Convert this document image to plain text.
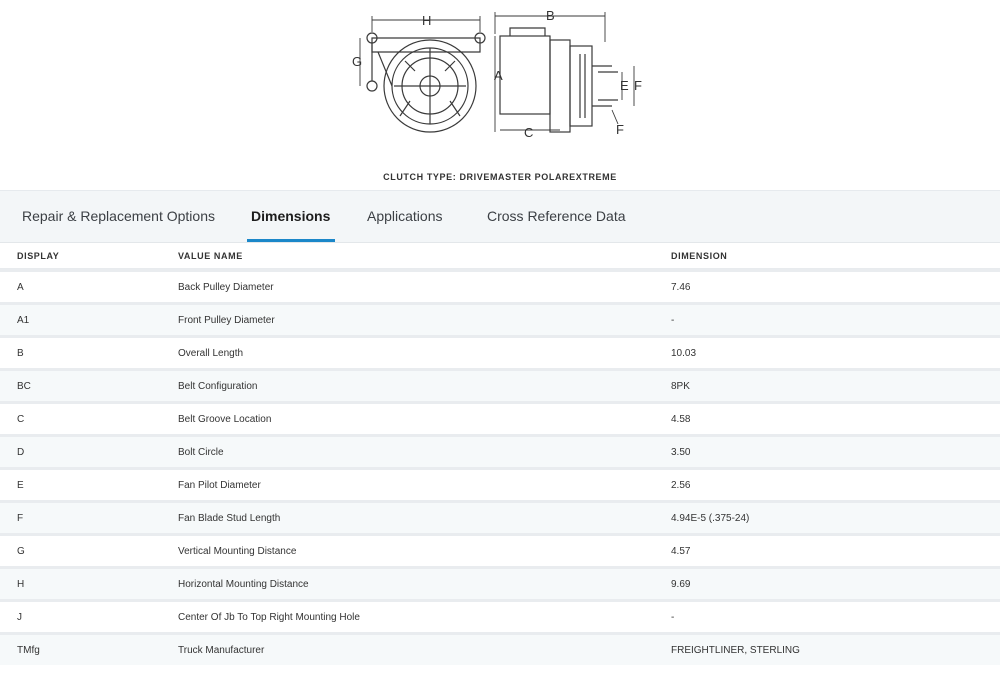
H	B
G
A
E F
C	F
CLUTCH TYPE: DRIVEMASTER POLAREXTREME
Repair & Replacement Options	Dimensions	Applications	Cross Reference Data
DISPLAY	VALUE NAME	DIMENSION
A	Back Pulley Diameter	7.46
A1	Front Pulley Diameter	-
B	Overall Length	10.03
BC	Belt Configuration	8PK
C	Belt Groove Location	4.58
D	Bolt Circle	3.50
E	Fan Pilot Diameter	2.56
F	Fan Blade Stud Length	4.94E-5 (.375-24)
G	Vertical Mounting Distance	4.57
H	Horizontal Mounting Distance	9.69
J	Center Of Jb To Top Right Mounting Hole	-
TMfg	Truck Manufacturer	FREIGHTLINER, STERLING
